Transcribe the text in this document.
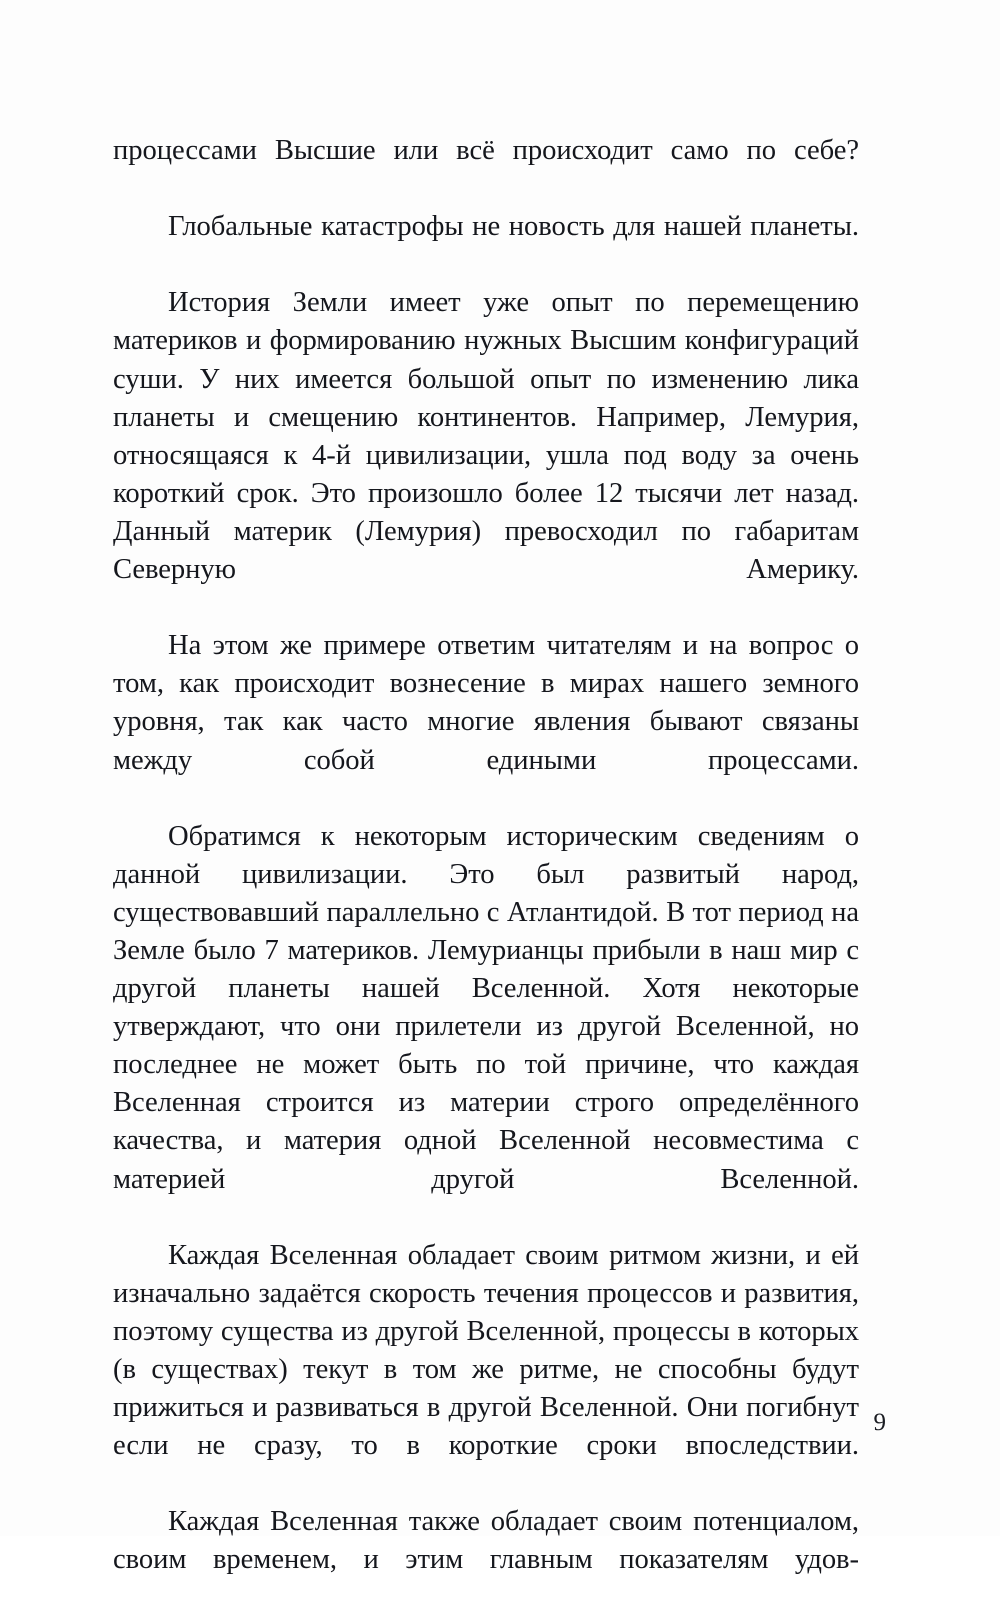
процессами Высшие или всё происходит само по себе?

Глобальные катастрофы не новость для нашей планеты.

История Земли имеет уже опыт по перемещению материков и формированию нужных Высшим конфигураций суши. У них имеется большой опыт по изменению лика планеты и смещению континентов. Например, Лемурия, относящаяся к 4-й цивилизации, ушла под воду за очень короткий срок. Это произошло более 12 тысячи лет назад. Данный материк (Лемурия) превосходил по габаритам Северную Америку.

На этом же примере ответим читателям и на вопрос о том, как происходит вознесение в мирах нашего земного уровня, так как часто многие явления бывают связаны между собой едиными процессами.

Обратимся к некоторым историческим сведениям о данной цивилизации. Это был развитый народ, существовавший параллельно с Атлантидой. В тот период на Земле было 7 материков. Лемурианцы прибыли в наш мир с другой планеты нашей Вселенной. Хотя некоторые утверждают, что они прилетели из другой Вселенной, но последнее не может быть по той причине, что каждая Вселенная строится из материи строго определённого качества, и материя одной Вселенной несовместима с материей другой Вселенной.

Каждая Вселенная обладает своим ритмом жизни, и ей изначально задаётся скорость течения процессов и развития, поэтому существа из другой Вселенной, процессы в которых (в существах) текут в том же ритме, не способны будут прижиться и развиваться в другой Вселенной. Они погибнут если не сразу, то в короткие сроки впоследствии.

Каждая Вселенная также обладает своим потенциалом, своим временем, и этим главным показателям удов-

9
